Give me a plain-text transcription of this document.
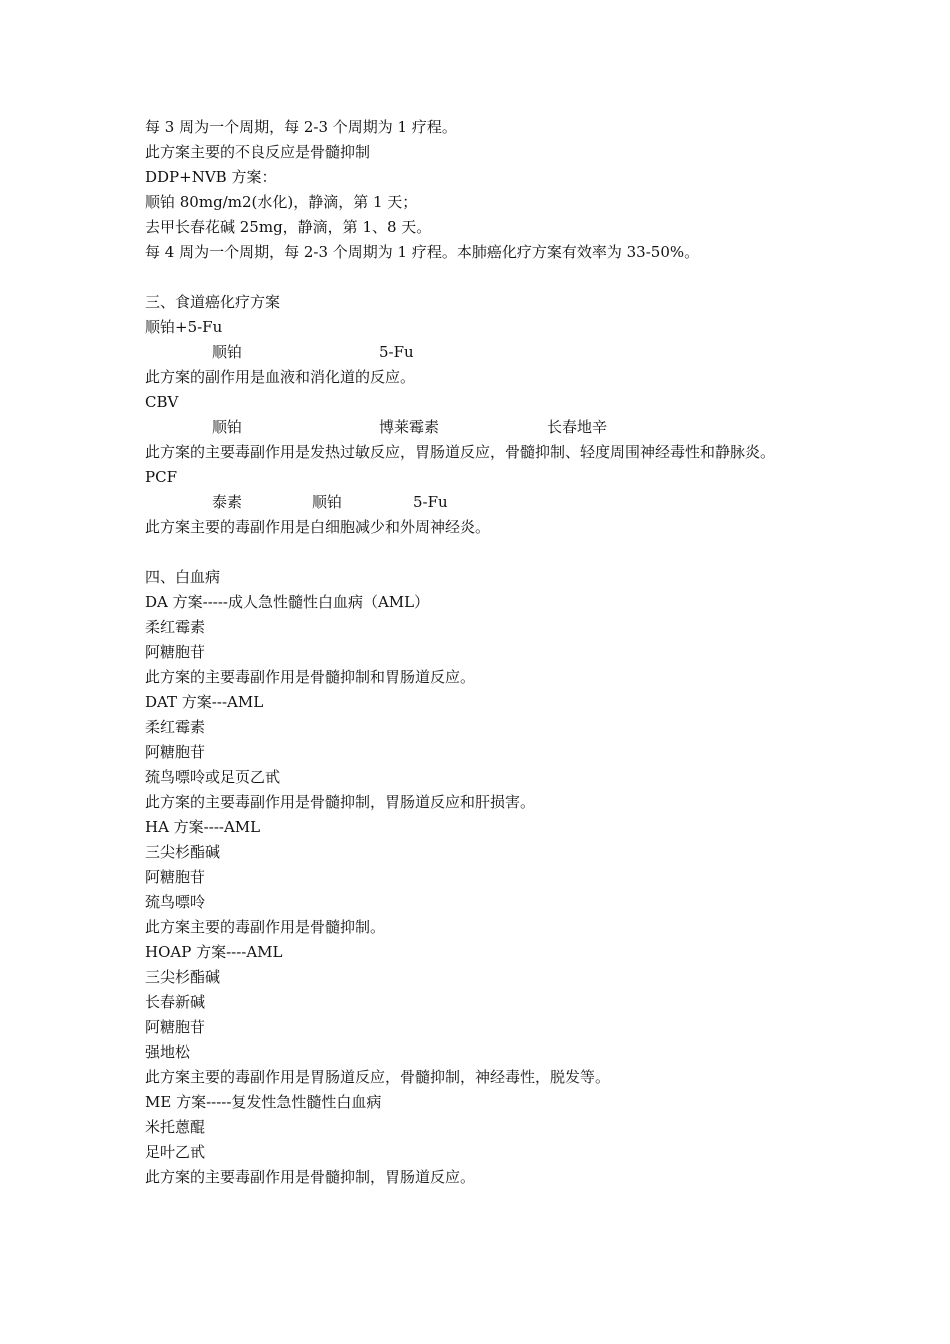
每 3 周为一个周期，每 2-3 个周期为 1 疗程。
此方案主要的不良反应是骨髓抑制
DDP+NVB 方案：
顺铂 80mg/m2(水化)，静滴，第 1 天；
去甲长春花碱 25mg，静滴，第 1、8 天。
每 4 周为一个周期，每 2-3 个周期为 1 疗程。本肺癌化疗方案有效率为 33-50%。
三、食道癌化疗方案
顺铂+5-Fu
顺铂	5-Fu
此方案的副作用是血液和消化道的反应。
CBV
顺铂	博莱霉素	长春地辛
此方案的主要毒副作用是发热过敏反应，胃肠道反应，骨髓抑制、轻度周围神经毒性和静脉炎。
PCF
泰素	顺铂	5-Fu
此方案主要的毒副作用是白细胞减少和外周神经炎。
四、白血病
DA 方案-----成人急性髓性白血病（AML）
柔红霉素
阿糖胞苷
此方案的主要毒副作用是骨髓抑制和胃肠道反应。
DAT 方案---AML
柔红霉素
阿糖胞苷
巯鸟嘌呤或足页乙甙
此方案的主要毒副作用是骨髓抑制，胃肠道反应和肝损害。
HA 方案----AML
三尖杉酯碱
阿糖胞苷
巯鸟嘌呤
此方案主要的毒副作用是骨髓抑制。
HOAP 方案----AML
三尖杉酯碱
长春新碱
阿糖胞苷
强地松
此方案主要的毒副作用是胃肠道反应，骨髓抑制，神经毒性，脱发等。
ME 方案-----复发性急性髓性白血病
米托蒽醌
足叶乙甙
此方案的主要毒副作用是骨髓抑制，胃肠道反应。
